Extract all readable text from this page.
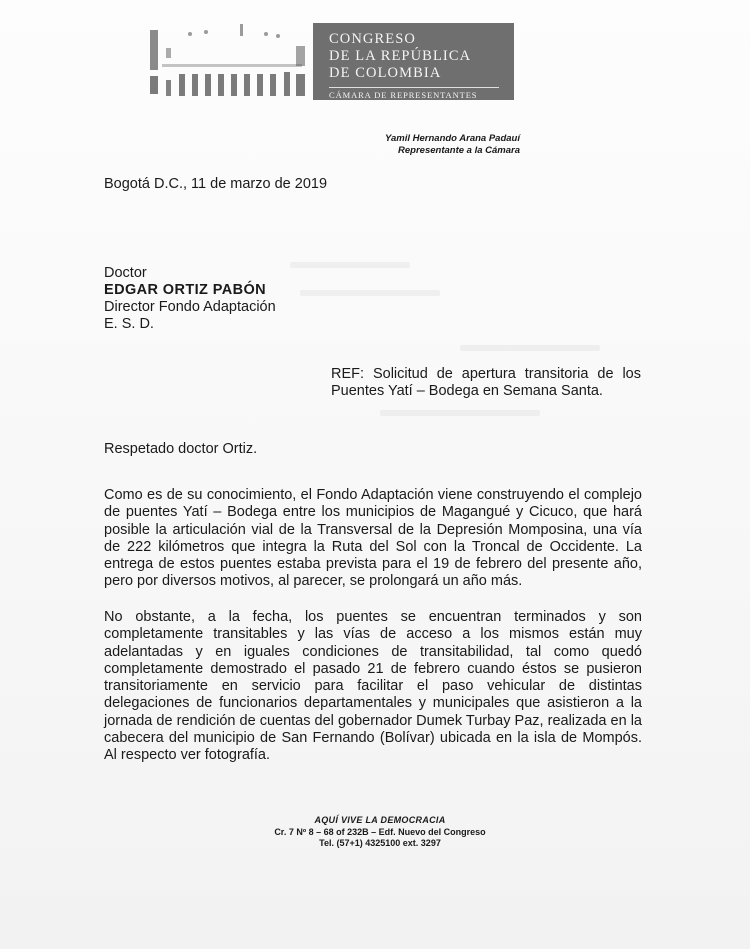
CONGRESO
DE LA REPÚBLICA
DE COLOMBIA
CÁMARA DE REPRESENTANTES
Yamil Hernando Arana Padauí
Representante a la Cámara
Bogotá D.C., 11 de marzo de 2019
Doctor
EDGAR ORTIZ PABÓN
Director Fondo Adaptación
E. S. D.
REF: Solicitud de apertura transitoria de los Puentes Yatí – Bodega en Semana Santa.
Respetado doctor Ortiz.
Como es de su conocimiento, el Fondo Adaptación viene construyendo el complejo de puentes Yatí – Bodega entre los municipios de Magangué y Cicuco, que hará posible la articulación vial de la Transversal de la Depresión Momposina, una vía de 222 kilómetros que integra la Ruta del Sol con la Troncal de Occidente. La entrega de estos puentes estaba prevista para el 19 de febrero del presente año, pero por diversos motivos, al parecer, se prolongará un año más.
No obstante, a la fecha, los puentes se encuentran terminados y son completamente transitables y las vías de acceso a los mismos están muy adelantadas y en iguales condiciones de transitabilidad, tal como quedó completamente demostrado el pasado 21 de febrero cuando éstos se pusieron transitoriamente en servicio para facilitar el paso vehicular de distintas delegaciones de funcionarios departamentales y municipales que asistieron a la jornada de rendición de cuentas del gobernador Dumek Turbay Paz, realizada en la cabecera del municipio de San Fernando (Bolívar) ubicada en la isla de Mompós. Al respecto ver fotografía.
AQUÍ VIVE LA DEMOCRACIA
Cr. 7 Nº 8 – 68 of 232B – Edf. Nuevo del Congreso
Tel. (57+1) 4325100 ext. 3297
